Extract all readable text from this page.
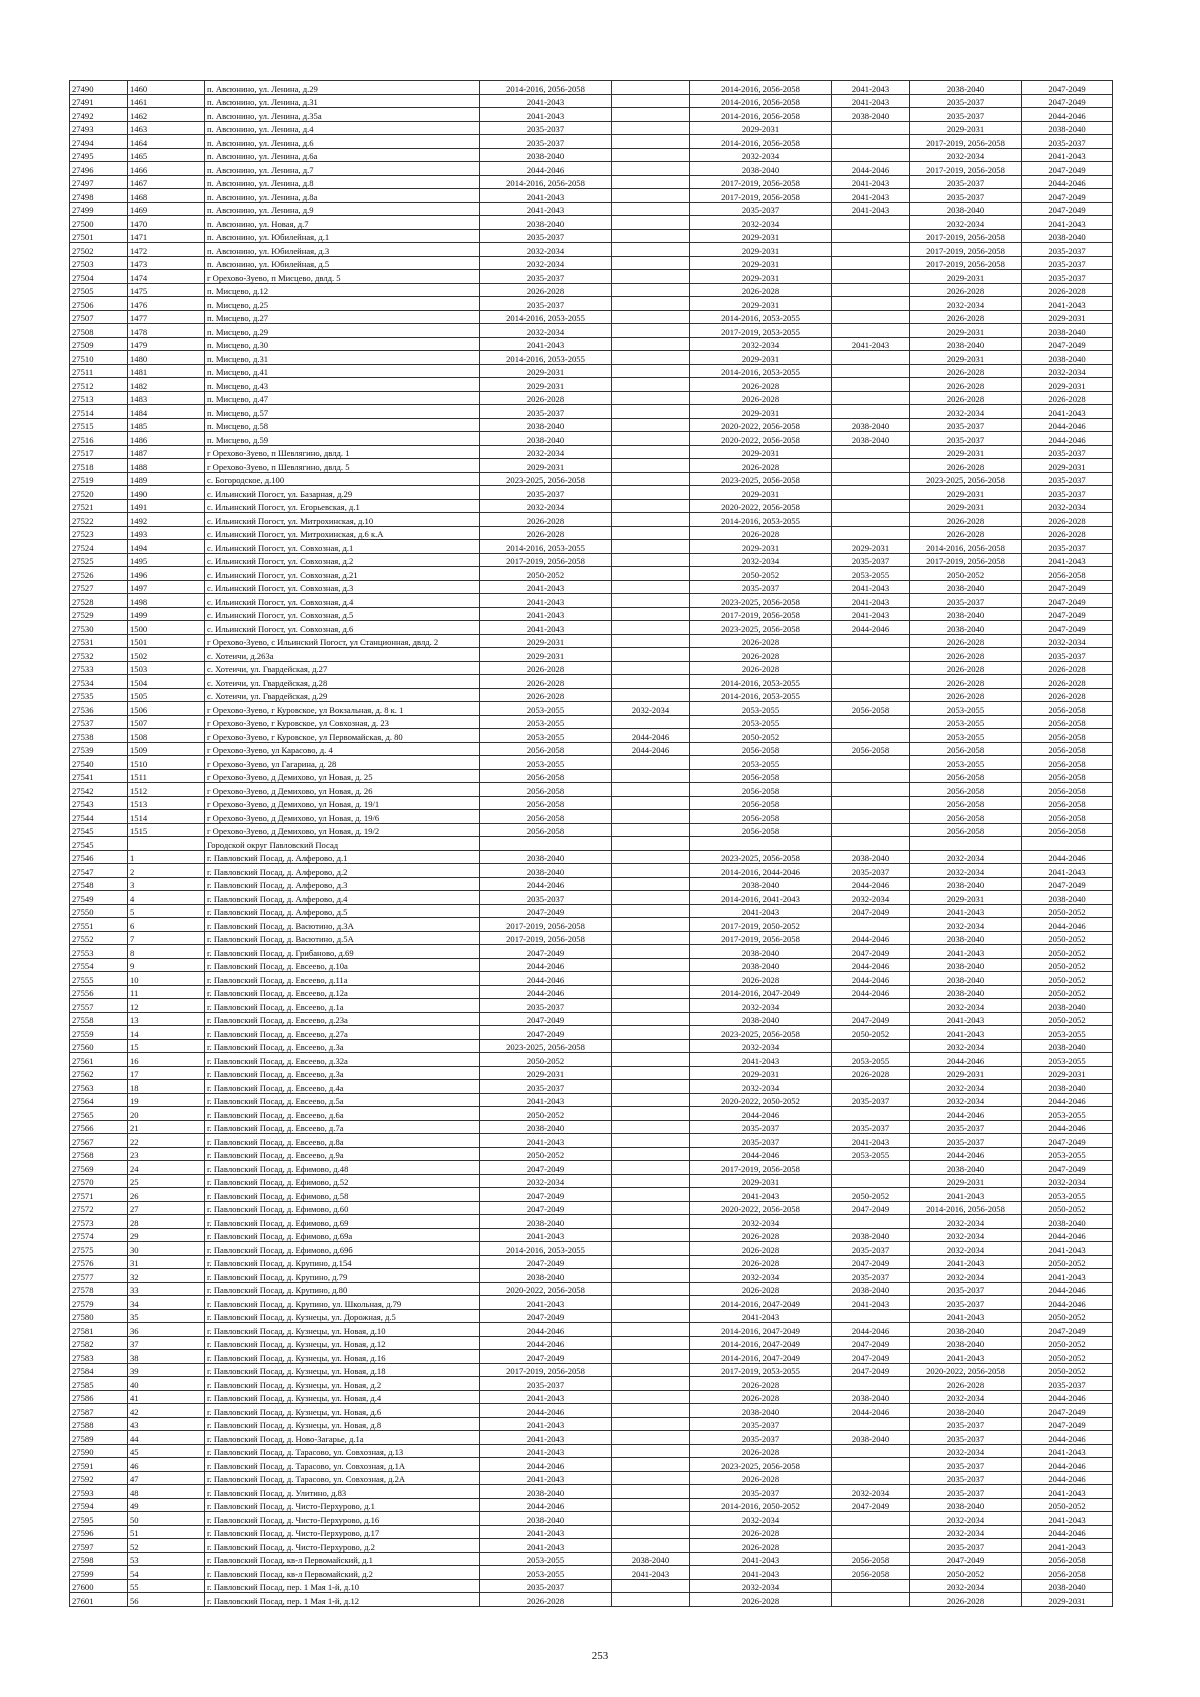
27490	1460	п. Авсюнино, ул. Ленина, д.29	2014-2016, 2056-2058		2014-2016, 2056-2058	2041-2043	2038-2040	2047-2049
27491	1461	п. Авсюнино, ул. Ленина, д.31	2041-2043		2014-2016, 2056-2058	2041-2043	2035-2037	2047-2049
27492	1462	п. Авсюнино, ул. Ленина, д.35а	2041-2043		2014-2016, 2056-2058	2038-2040	2035-2037	2044-2046
27493	1463	п. Авсюнино, ул. Ленина, д.4	2035-2037		2029-2031		2029-2031	2038-2040
27494	1464	п. Авсюнино, ул. Ленина, д.6	2035-2037		2014-2016, 2056-2058		2017-2019, 2056-2058	2035-2037
27495	1465	п. Авсюнино, ул. Ленина, д.6а	2038-2040		2032-2034		2032-2034	2041-2043
27496	1466	п. Авсюнино, ул. Ленина, д.7	2044-2046		2038-2040	2044-2046	2017-2019, 2056-2058	2047-2049
27497	1467	п. Авсюнино, ул. Ленина, д.8	2014-2016, 2056-2058		2017-2019, 2056-2058	2041-2043	2035-2037	2044-2046
27498	1468	п. Авсюнино, ул. Ленина, д.8а	2041-2043		2017-2019, 2056-2058	2041-2043	2035-2037	2047-2049
27499	1469	п. Авсюнино, ул. Ленина, д.9	2041-2043		2035-2037	2041-2043	2038-2040	2047-2049
27500	1470	п. Авсюнино, ул. Новая, д.7	2038-2040		2032-2034		2032-2034	2041-2043
27501	1471	п. Авсюнино, ул. Юбилейная, д.1	2035-2037		2029-2031		2017-2019, 2056-2058	2038-2040
27502	1472	п. Авсюнино, ул. Юбилейная, д.3	2032-2034		2029-2031		2017-2019, 2056-2058	2035-2037
27503	1473	п. Авсюнино, ул. Юбилейная, д.5	2032-2034		2029-2031		2017-2019, 2056-2058	2035-2037
27504	1474	г Орехово-Зуево, п Мисцево, двлд. 5	2035-2037		2029-2031		2029-2031	2035-2037
27505	1475	п. Мисцево, д.12	2026-2028		2026-2028		2026-2028	2026-2028
27506	1476	п. Мисцево, д.25	2035-2037		2029-2031		2032-2034	2041-2043
27507	1477	п. Мисцево, д.27	2014-2016, 2053-2055		2014-2016, 2053-2055		2026-2028	2029-2031
27508	1478	п. Мисцево, д.29	2032-2034		2017-2019, 2053-2055		2029-2031	2038-2040
27509	1479	п. Мисцево, д.30	2041-2043		2032-2034	2041-2043	2038-2040	2047-2049
27510	1480	п. Мисцево, д.31	2014-2016, 2053-2055		2029-2031		2029-2031	2038-2040
27511	1481	п. Мисцево, д.41	2029-2031		2014-2016, 2053-2055		2026-2028	2032-2034
27512	1482	п. Мисцево, д.43	2029-2031		2026-2028		2026-2028	2029-2031
27513	1483	п. Мисцево, д.47	2026-2028		2026-2028		2026-2028	2026-2028
27514	1484	п. Мисцево, д.57	2035-2037		2029-2031		2032-2034	2041-2043
27515	1485	п. Мисцево, д.58	2038-2040		2020-2022, 2056-2058	2038-2040	2035-2037	2044-2046
27516	1486	п. Мисцево, д.59	2038-2040		2020-2022, 2056-2058	2038-2040	2035-2037	2044-2046
27517	1487	г Орехово-Зуево, п Шевлягино, двлд. 1	2032-2034		2029-2031		2029-2031	2035-2037
27518	1488	г Орехово-Зуево, п Шевлягино, двлд. 5	2029-2031		2026-2028		2026-2028	2029-2031
27519	1489	с. Богородское, д.100	2023-2025, 2056-2058		2023-2025, 2056-2058		2023-2025, 2056-2058	2035-2037
27520	1490	с. Ильинский Погост, ул. Базарная, д.29	2035-2037		2029-2031		2029-2031	2035-2037
27521	1491	с. Ильинский Погост, ул. Егорьевская, д.1	2032-2034		2020-2022, 2056-2058		2029-2031	2032-2034
27522	1492	с. Ильинский Погост, ул. Митрохинская, д.10	2026-2028		2014-2016, 2053-2055		2026-2028	2026-2028
27523	1493	с. Ильинский Погост, ул. Митрохинская, д.6 к.А	2026-2028		2026-2028		2026-2028	2026-2028
27524	1494	с. Ильинский Погост, ул. Совхозная, д.1	2014-2016, 2053-2055		2029-2031	2029-2031	2014-2016, 2056-2058	2035-2037
27525	1495	с. Ильинский Погост, ул. Совхозная, д.2	2017-2019, 2056-2058		2032-2034	2035-2037	2017-2019, 2056-2058	2041-2043
27526	1496	с. Ильинский Погост, ул. Совхозная, д.21	2050-2052		2050-2052	2053-2055	2050-2052	2056-2058
27527	1497	с. Ильинский Погост, ул. Совхозная, д.3	2041-2043		2035-2037	2041-2043	2038-2040	2047-2049
27528	1498	с. Ильинский Погост, ул. Совхозная, д.4	2041-2043		2023-2025, 2056-2058	2041-2043	2035-2037	2047-2049
27529	1499	с. Ильинский Погост, ул. Совхозная, д.5	2041-2043		2017-2019, 2056-2058	2041-2043	2038-2040	2047-2049
27530	1500	с. Ильинский Погост, ул. Совхозная, д.6	2041-2043		2023-2025, 2056-2058	2044-2046	2038-2040	2047-2049
27531	1501	г Орехово-Зуево, с Ильинский Погост, ул Станционная, двлд. 2	2029-2031		2026-2028		2026-2028	2032-2034
27532	1502	с. Хотеичи, д.263а	2029-2031		2026-2028		2026-2028	2035-2037
27533	1503	с. Хотеичи, ул. Гвардейская, д.27	2026-2028		2026-2028		2026-2028	2026-2028
27534	1504	с. Хотеичи, ул. Гвардейская, д.28	2026-2028		2014-2016, 2053-2055		2026-2028	2026-2028
27535	1505	с. Хотеичи, ул. Гвардейская, д.29	2026-2028		2014-2016, 2053-2055		2026-2028	2026-2028
27536	1506	г Орехово-Зуево, г Куровское, ул Вокзальная, д. 8 к. 1	2053-2055	2032-2034	2053-2055	2056-2058	2053-2055	2056-2058
27537	1507	г Орехово-Зуево, г Куровское, ул Совхозная, д. 23	2053-2055		2053-2055		2053-2055	2056-2058
27538	1508	г Орехово-Зуево, г Куровское, ул Первомайская, д. 80	2053-2055	2044-2046	2050-2052		2053-2055	2056-2058
27539	1509	г Орехово-Зуево, ул Карасово, д. 4	2056-2058	2044-2046	2056-2058	2056-2058	2056-2058	2056-2058
27540	1510	г Орехово-Зуево, ул Гагарина, д. 28	2053-2055		2053-2055		2053-2055	2056-2058
27541	1511	г Орехово-Зуево, д Демихово, ул Новая, д. 25	2056-2058		2056-2058		2056-2058	2056-2058
27542	1512	г Орехово-Зуево, д Демихово, ул Новая, д. 26	2056-2058		2056-2058		2056-2058	2056-2058
27543	1513	г Орехово-Зуево, д Демихово, ул Новая, д. 19/1	2056-2058		2056-2058		2056-2058	2056-2058
27544	1514	г Орехово-Зуево, д Демихово, ул Новая, д. 19/6	2056-2058		2056-2058		2056-2058	2056-2058
27545	1515	г Орехово-Зуево, д Демихово, ул Новая, д. 19/2	2056-2058		2056-2058		2056-2058	2056-2058
27545		Городской округ Павловский Посад						
27546	1	г. Павловский Посад, д. Алферово, д.1	2038-2040		2023-2025, 2056-2058	2038-2040	2032-2034	2044-2046
27547	2	г. Павловский Посад, д. Алферово, д.2	2038-2040		2014-2016, 2044-2046	2035-2037	2032-2034	2041-2043
27548	3	г. Павловский Посад, д. Алферово, д.3	2044-2046		2038-2040	2044-2046	2038-2040	2047-2049
27549	4	г. Павловский Посад, д. Алферово, д.4	2035-2037		2014-2016, 2041-2043	2032-2034	2029-2031	2038-2040
27550	5	г. Павловский Посад, д. Алферово, д.5	2047-2049		2041-2043	2047-2049	2041-2043	2050-2052
27551	6	г. Павловский Посад, д. Васютино, д.3А	2017-2019, 2056-2058		2017-2019, 2050-2052		2032-2034	2044-2046
27552	7	г. Павловский Посад, д. Васютино, д.5А	2017-2019, 2056-2058		2017-2019, 2056-2058	2044-2046	2038-2040	2050-2052
27553	8	г. Павловский Посад, д. Грибаново, д.69	2047-2049		2038-2040	2047-2049	2041-2043	2050-2052
27554	9	г. Павловский Посад, д. Евсеево, д.10а	2044-2046		2038-2040	2044-2046	2038-2040	2050-2052
27555	10	г. Павловский Посад, д. Евсеево, д.11а	2044-2046		2026-2028	2044-2046	2038-2040	2050-2052
27556	11	г. Павловский Посад, д. Евсеево, д.12а	2044-2046		2014-2016, 2047-2049	2044-2046	2038-2040	2050-2052
27557	12	г. Павловский Посад, д. Евсеево, д.1а	2035-2037		2032-2034		2032-2034	2038-2040
27558	13	г. Павловский Посад, д. Евсеево, д.23а	2047-2049		2038-2040	2047-2049	2041-2043	2050-2052
27559	14	г. Павловский Посад, д. Евсеево, д.27а	2047-2049		2023-2025, 2056-2058	2050-2052	2041-2043	2053-2055
27560	15	г. Павловский Посад, д. Евсеево, д.3а	2023-2025, 2056-2058		2032-2034		2032-2034	2038-2040
27561	16	г. Павловский Посад, д. Евсеево, д.32а	2050-2052		2041-2043	2053-2055	2044-2046	2053-2055
27562	17	г. Павловский Посад, д. Евсеево, д.3а	2029-2031		2029-2031	2026-2028	2029-2031	2029-2031
27563	18	г. Павловский Посад, д. Евсеево, д.4а	2035-2037		2032-2034		2032-2034	2038-2040
27564	19	г. Павловский Посад, д. Евсеево, д.5а	2041-2043		2020-2022, 2050-2052	2035-2037	2032-2034	2044-2046
27565	20	г. Павловский Посад, д. Евсеево, д.6а	2050-2052		2044-2046		2044-2046	2053-2055
27566	21	г. Павловский Посад, д. Евсеево, д.7а	2038-2040		2035-2037	2035-2037	2035-2037	2044-2046
27567	22	г. Павловский Посад, д. Евсеево, д.8а	2041-2043		2035-2037	2041-2043	2035-2037	2047-2049
27568	23	г. Павловский Посад, д. Евсеево, д.9а	2050-2052		2044-2046	2053-2055	2044-2046	2053-2055
27569	24	г. Павловский Посад, д. Ефимово, д.48	2047-2049		2017-2019, 2056-2058		2038-2040	2047-2049
27570	25	г. Павловский Посад, д. Ефимово, д.52	2032-2034		2029-2031		2029-2031	2032-2034
27571	26	г. Павловский Посад, д. Ефимово, д.58	2047-2049		2041-2043	2050-2052	2041-2043	2053-2055
27572	27	г. Павловский Посад, д. Ефимово, д.60	2047-2049		2020-2022, 2056-2058	2047-2049	2014-2016, 2056-2058	2050-2052
27573	28	г. Павловский Посад, д. Ефимово, д.69	2038-2040		2032-2034		2032-2034	2038-2040
27574	29	г. Павловский Посад, д. Ефимово, д.69а	2041-2043		2026-2028	2038-2040	2032-2034	2044-2046
27575	30	г. Павловский Посад, д. Ефимово, д.69б	2014-2016, 2053-2055		2026-2028	2035-2037	2032-2034	2041-2043
27576	31	г. Павловский Посад, д. Крупино, д.154	2047-2049		2026-2028	2047-2049	2041-2043	2050-2052
27577	32	г. Павловский Посад, д. Крупино, д.79	2038-2040		2032-2034	2035-2037	2032-2034	2041-2043
27578	33	г. Павловский Посад, д. Крупино, д.80	2020-2022, 2056-2058		2026-2028	2038-2040	2035-2037	2044-2046
27579	34	г. Павловский Посад, д. Крупино, ул. Школьная, д.79	2041-2043		2014-2016, 2047-2049	2041-2043	2035-2037	2044-2046
27580	35	г. Павловский Посад, д. Кузнецы, ул. Дорожная, д.5	2047-2049		2041-2043		2041-2043	2050-2052
27581	36	г. Павловский Посад, д. Кузнецы, ул. Новая, д.10	2044-2046		2014-2016, 2047-2049	2044-2046	2038-2040	2047-2049
27582	37	г. Павловский Посад, д. Кузнецы, ул. Новая, д.12	2044-2046		2014-2016, 2047-2049	2047-2049	2038-2040	2050-2052
27583	38	г. Павловский Посад, д. Кузнецы, ул. Новая, д.16	2047-2049		2014-2016, 2047-2049	2047-2049	2041-2043	2050-2052
27584	39	г. Павловский Посад, д. Кузнецы, ул. Новая, д.18	2017-2019, 2056-2058		2017-2019, 2053-2055	2047-2049	2020-2022, 2056-2058	2050-2052
27585	40	г. Павловский Посад, д. Кузнецы, ул. Новая, д.2	2035-2037		2026-2028		2026-2028	2035-2037
27586	41	г. Павловский Посад, д. Кузнецы, ул. Новая, д.4	2041-2043		2026-2028	2038-2040	2032-2034	2044-2046
27587	42	г. Павловский Посад, д. Кузнецы, ул. Новая, д.6	2044-2046		2038-2040	2044-2046	2038-2040	2047-2049
27588	43	г. Павловский Посад, д. Кузнецы, ул. Новая, д.8	2041-2043		2035-2037		2035-2037	2047-2049
27589	44	г. Павловский Посад, д. Ново-Загарье, д.1а	2041-2043		2035-2037	2038-2040	2035-2037	2044-2046
27590	45	г. Павловский Посад, д. Тарасово, ул. Совхозная, д.13	2041-2043		2026-2028		2032-2034	2041-2043
27591	46	г. Павловский Посад, д. Тарасово, ул. Совхозная, д.1А	2044-2046		2023-2025, 2056-2058		2035-2037	2044-2046
27592	47	г. Павловский Посад, д. Тарасово, ул. Совхозная, д.2А	2041-2043		2026-2028		2035-2037	2044-2046
27593	48	г. Павловский Посад, д. Улитино, д.83	2038-2040		2035-2037	2032-2034	2035-2037	2041-2043
27594	49	г. Павловский Посад, д. Чисто-Перхурово, д.1	2044-2046		2014-2016, 2050-2052	2047-2049	2038-2040	2050-2052
27595	50	г. Павловский Посад, д. Чисто-Перхурово, д.16	2038-2040		2032-2034		2032-2034	2041-2043
27596	51	г. Павловский Посад, д. Чисто-Перхурово, д.17	2041-2043		2026-2028		2032-2034	2044-2046
27597	52	г. Павловский Посад, д. Чисто-Перхурово, д.2	2041-2043		2026-2028		2035-2037	2041-2043
27598	53	г. Павловский Посад, кв-л Первомайский, д.1	2053-2055	2038-2040	2041-2043	2056-2058	2047-2049	2056-2058
27599	54	г. Павловский Посад, кв-л Первомайский, д.2	2053-2055	2041-2043	2041-2043	2056-2058	2050-2052	2056-2058
27600	55	г. Павловский Посад, пер. 1 Мая 1-й, д.10	2035-2037		2032-2034		2032-2034	2038-2040
27601	56	г. Павловский Посад, пер. 1 Мая 1-й, д.12	2026-2028		2026-2028		2026-2028	2029-2031
253
